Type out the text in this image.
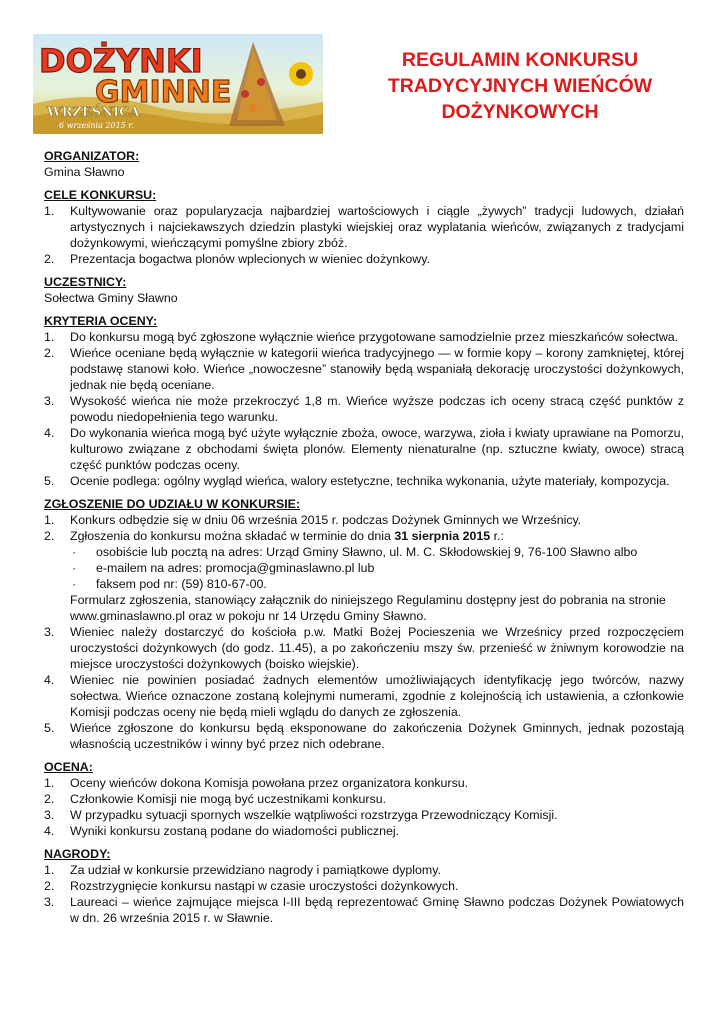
DOŻYNKI
GMINNE
WRZEŚNICA
6 września 2015 r.
REGULAMIN KONKURSU
TRADYCYJNYCH WIEŃCÓW
DOŻYNKOWYCH
ORGANIZATOR:
Gmina Sławno
CELE KONKURSU:
1. Kultywowanie oraz popularyzacja najbardziej wartościowych i ciągle „żywych” tradycji ludowych, działań artystycznych i najciekawszych dziedzin plastyki wiejskiej oraz wyplatania wieńców, związanych z tradycjami dożynkowymi, wieńczącymi pomyślne zbiory zbóż.
2. Prezentacja bogactwa plonów wplecionych w wieniec dożynkowy.
UCZESTNICY:
Sołectwa Gminy Sławno
KRYTERIA OCENY:
1. Do konkursu mogą być zgłoszone wyłącznie wieńce przygotowane samodzielnie przez mieszkańców sołectwa.
2. Wieńce oceniane będą wyłącznie w kategorii wieńca tradycyjnego — w formie kopy – korony zamkniętej, której podstawę stanowi koło. Wieńce „nowoczesne” stanowiły będą wspaniałą dekorację uroczystości dożynkowych, jednak nie będą oceniane.
3. Wysokość wieńca nie może przekroczyć 1,8 m. Wieńce wyższe podczas ich oceny stracą część punktów z powodu niedopełnienia tego warunku.
4. Do wykonania wieńca mogą być użyte wyłącznie zboża, owoce, warzywa, zioła i kwiaty uprawiane na Pomorzu, kulturowo związane z obchodami święta plonów. Elementy nienaturalne (np. sztuczne kwiaty, owoce) stracą część punktów podczas oceny.
5. Ocenie podlega: ogólny wygląd wieńca, walory estetyczne, technika wykonania, użyte materiały, kompozycja.
ZGŁOSZENIE DO UDZIAŁU W KONKURSIE:
1. Konkurs odbędzie się w dniu 06 września 2015 r. podczas Dożynek Gminnych we Wrześnicy.
2. Zgłoszenia do konkursu można składać w terminie do dnia 31 sierpnia 2015 r.:
· osobiście lub pocztą na adres: Urząd Gminy Sławno, ul. M. C. Skłodowskiej 9, 76-100 Sławno albo
· e-mailem na adres: promocja@gminaslawno.pl lub
· faksem pod nr: (59) 810-67-00.
Formularz zgłoszenia, stanowiący załącznik do niniejszego Regulaminu dostępny jest do pobrania na stronie www.gminaslawno.pl oraz w pokoju nr 14 Urzędu Gminy Sławno.
3. Wieniec należy dostarczyć do kościoła p.w. Matki Bożej Pocieszenia we Wrześnicy przed rozpoczęciem uroczystości dożynkowych (do godz. 11.45), a po zakończeniu mszy św. przenieść w żniwnym korowodzie na miejsce uroczystości dożynkowych (boisko wiejskie).
4. Wieniec nie powinien posiadać żadnych elementów umożliwiających identyfikację jego twórców, nazwy sołectwa. Wieńce oznaczone zostaną kolejnymi numerami, zgodnie z kolejnością ich ustawienia, a członkowie Komisji podczas oceny nie będą mieli wglądu do danych ze zgłoszenia.
5. Wieńce zgłoszone do konkursu będą eksponowane do zakończenia Dożynek Gminnych, jednak pozostają własnością uczestników i winny być przez nich odebrane.
OCENA:
1. Oceny wieńców dokona Komisja powołana przez organizatora konkursu.
2. Członkowie Komisji nie mogą być uczestnikami konkursu.
3. W przypadku sytuacji spornych wszelkie wątpliwości rozstrzyga Przewodniczący Komisji.
4. Wyniki konkursu zostaną podane do wiadomości publicznej.
NAGRODY:
1. Za udział w konkursie przewidziano nagrody i pamiątkowe dyplomy.
2. Rozstrzygnięcie konkursu nastąpi w czasie uroczystości dożynkowych.
3. Laureaci – wieńce zajmujące miejsca I-III będą reprezentować Gminę Sławno podczas Dożynek Powiatowych w dn. 26 września 2015 r. w Sławnie.
